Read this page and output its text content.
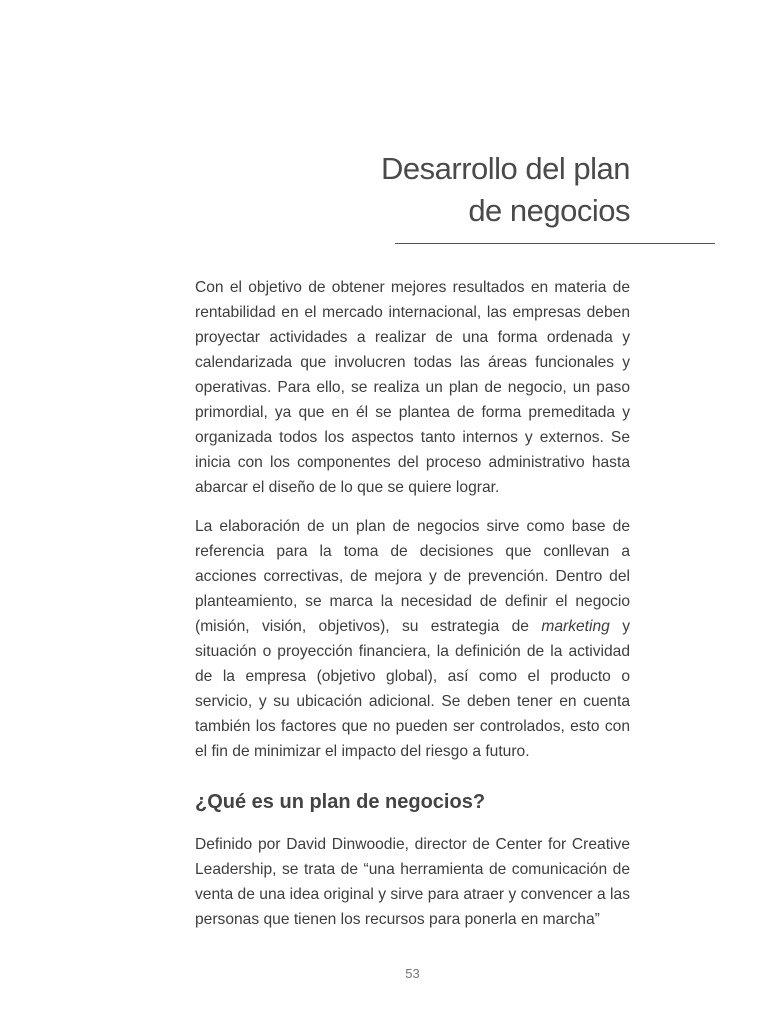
Desarrollo del plan
de negocios

Con el objetivo de obtener mejores resultados en materia de rentabilidad en el mercado internacional, las empresas deben proyectar actividades a realizar de una forma ordenada y calendarizada que involucren todas las áreas funcionales y operativas. Para ello, se realiza un plan de negocio, un paso primordial, ya que en él se plantea de forma premeditada y organizada todos los aspectos tanto internos y externos. Se inicia con los componentes del proceso administrativo hasta abarcar el diseño de lo que se quiere lograr.

La elaboración de un plan de negocios sirve como base de referencia para la toma de decisiones que conllevan a acciones correctivas, de mejora y de prevención. Dentro del planteamiento, se marca la necesidad de definir el negocio (misión, visión, objetivos), su estrategia de marketing y situación o proyección financiera, la definición de la actividad de la empresa (objetivo global), así como el producto o servicio, y su ubicación adicional. Se deben tener en cuenta también los factores que no pueden ser controlados, esto con el fin de minimizar el impacto del riesgo a futuro.

¿Qué es un plan de negocios?

Definido por David Dinwoodie, director de Center for Creative Leadership, se trata de “una herramienta de comunicación de venta de una idea original y sirve para atraer y convencer a las personas que tienen los recursos para ponerla en marcha”

53
